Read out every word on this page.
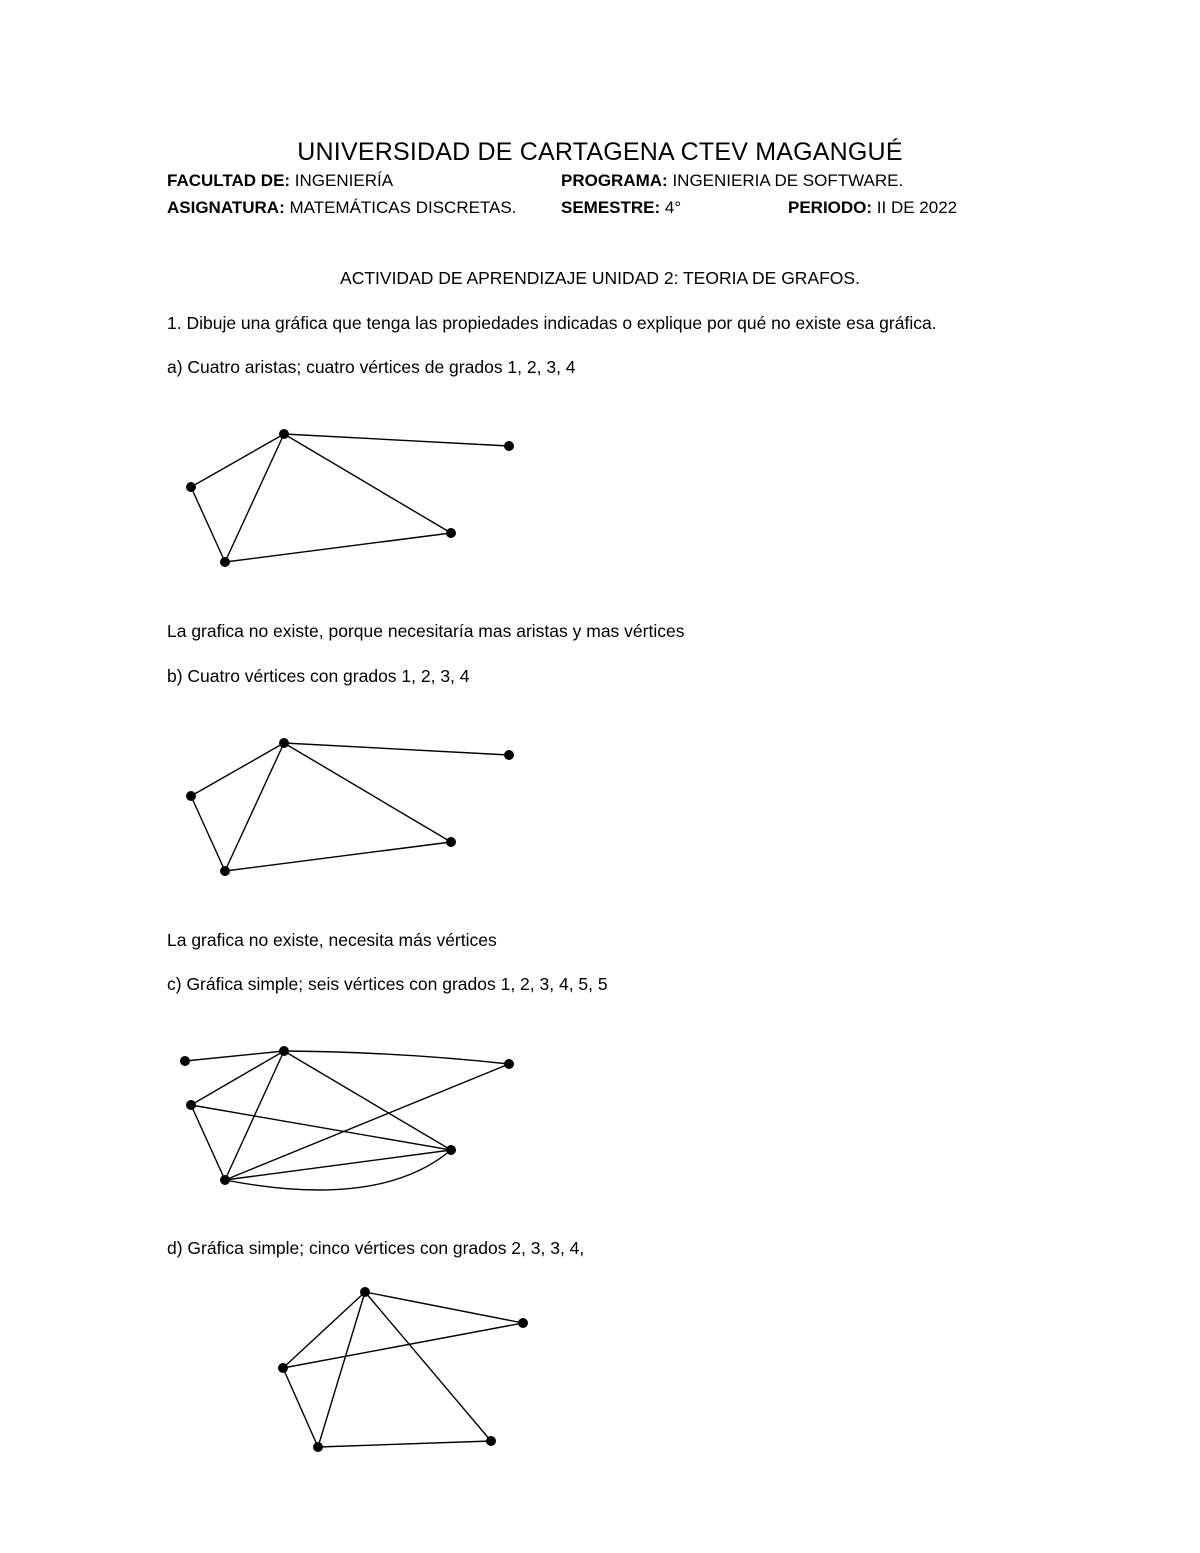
UNIVERSIDAD DE CARTAGENA CTEV MAGANGUÉ
FACULTAD DE: INGENIERÍA	PROGRAMA: INGENIERIA DE SOFTWARE.
ASIGNATURA: MATEMÁTICAS DISCRETAS.	SEMESTRE: 4°	PERIODO: II DE 2022
ACTIVIDAD DE APRENDIZAJE UNIDAD 2: TEORIA DE GRAFOS.
1. Dibuje una gráfica que tenga las propiedades indicadas o explique por qué no existe esa gráfica.
a) Cuatro aristas; cuatro vértices de grados 1, 2, 3, 4
La grafica no existe, porque necesitaría mas aristas y mas vértices
b) Cuatro vértices con grados 1, 2, 3, 4
La grafica no existe, necesita más vértices
c) Gráfica simple; seis vértices con grados 1, 2, 3, 4, 5, 5
d) Gráfica simple; cinco vértices con grados 2, 3, 3, 4,
